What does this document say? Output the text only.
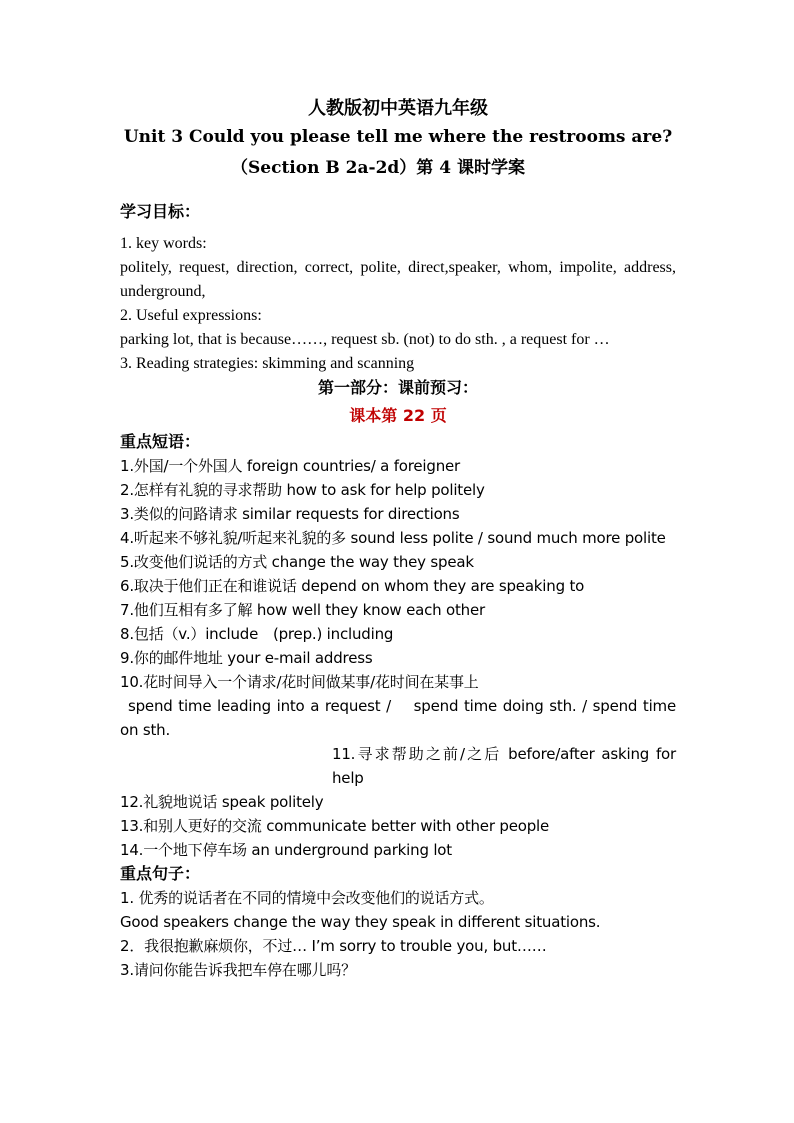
人教版初中英语九年级
Unit 3 Could you please tell me where the restrooms are?
（Section B 2a-2d）第 4 课时学案
学习目标：

1. key words:

politely, request, direction, correct, polite, direct,speaker, whom, impolite, address, underground,

2. Useful expressions:

parking lot, that is because……, request sb. (not) to do sth. , a request for …

3. Reading strategies: skimming and scanning

第一部分：课前预习：
课本第 22 页
重点短语：

1.外国/一个外国人 foreign countries/ a foreigner

2.怎样有礼貌的寻求帮助 how to ask for help politely

3.类似的问路请求 similar requests for directions

4.听起来不够礼貌/听起来礼貌的多 sound less polite / sound much more polite

5.改变他们说话的方式 change the way they speak

6.取决于他们正在和谁说话 depend on whom they are speaking to

7.他们互相有多了解 how well they know each other

8.包括（v.）include　(prep.) including

9.你的邮件地址 your e-mail address

10.花时间导入一个请求/花时间做某事/花时间在某事上

spend time leading into a request /　 spend time doing sth. / spend time on sth.

11.寻求帮助之前/之后 before/after asking for help

12.礼貌地说话 speak politely

13.和别人更好的交流 communicate better with other people

14.一个地下停车场 an underground parking lot

重点句子：

1. 优秀的说话者在不同的情境中会改变他们的说话方式。

Good speakers change the way they speak in different situations.

2．我很抱歉麻烦你，不过… I’m sorry to trouble you, but……

3.请问你能告诉我把车停在哪儿吗？
